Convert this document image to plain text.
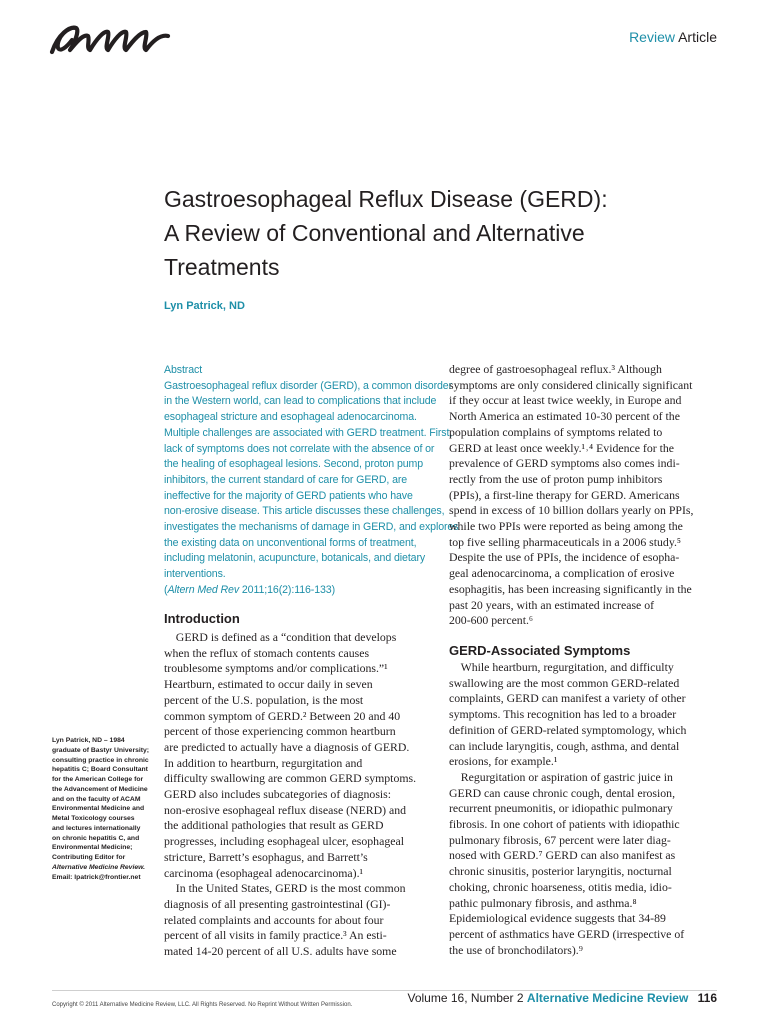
Review Article
Gastroesophageal Reflux Disease (GERD):
A Review of Conventional and Alternative
Treatments
Lyn Patrick, ND
Abstract
Gastroesophageal reflux disorder (GERD), a common disorder
in the Western world, can lead to complications that include
esophageal stricture and esophageal adenocarcinoma.
Multiple challenges are associated with GERD treatment. First,
lack of symptoms does not correlate with the absence of or
the healing of esophageal lesions. Second, proton pump
inhibitors, the current standard of care for GERD, are
ineffective for the majority of GERD patients who have
non-erosive disease. This article discusses these challenges,
investigates the mechanisms of damage in GERD, and explores
the existing data on unconventional forms of treatment,
including melatonin, acupuncture, botanicals, and dietary
interventions.
(Altern Med Rev 2011;16(2):116-133)
Introduction
GERD is defined as a “condition that develops
when the reflux of stomach contents causes
troublesome symptoms and/or complications.”¹
Heartburn, estimated to occur daily in seven
percent of the U.S. population, is the most
common symptom of GERD.² Between 20 and 40
percent of those experiencing common heartburn
are predicted to actually have a diagnosis of GERD.
In addition to heartburn, regurgitation and
difficulty swallowing are common GERD symptoms.
GERD also includes subcategories of diagnosis:
non-erosive esophageal reflux disease (NERD) and
the additional pathologies that result as GERD
progresses, including esophageal ulcer, esophageal
stricture, Barrett’s esophagus, and Barrett’s
carcinoma (esophageal adenocarcinoma).¹
In the United States, GERD is the most common
diagnosis of all presenting gastrointestinal (GI)-
related complaints and accounts for about four
percent of all visits in family practice.³ An esti-
mated 14-20 percent of all U.S. adults have some
degree of gastroesophageal reflux.³ Although
symptoms are only considered clinically significant
if they occur at least twice weekly, in Europe and
North America an estimated 10-30 percent of the
population complains of symptoms related to
GERD at least once weekly.¹˒⁴ Evidence for the
prevalence of GERD symptoms also comes indi-
rectly from the use of proton pump inhibitors
(PPIs), a first-line therapy for GERD. Americans
spend in excess of 10 billion dollars yearly on PPIs,
while two PPIs were reported as being among the
top five selling pharmaceuticals in a 2006 study.⁵
Despite the use of PPIs, the incidence of esopha-
geal adenocarcinoma, a complication of erosive
esophagitis, has been increasing significantly in the
past 20 years, with an estimated increase of
200-600 percent.⁶
GERD-Associated Symptoms
While heartburn, regurgitation, and difficulty
swallowing are the most common GERD-related
complaints, GERD can manifest a variety of other
symptoms. This recognition has led to a broader
definition of GERD-related symptomology, which
can include laryngitis, cough, asthma, and dental
erosions, for example.¹
Regurgitation or aspiration of gastric juice in
GERD can cause chronic cough, dental erosion,
recurrent pneumonitis, or idiopathic pulmonary
fibrosis. In one cohort of patients with idiopathic
pulmonary fibrosis, 67 percent were later diag-
nosed with GERD.⁷ GERD can also manifest as
chronic sinusitis, posterior laryngitis, nocturnal
choking, chronic hoarseness, otitis media, idio-
pathic pulmonary fibrosis, and asthma.⁸
Epidemiological evidence suggests that 34-89
percent of asthmatics have GERD (irrespective of
the use of bronchodilators).⁹
Lyn Patrick, ND – 1984
graduate of Bastyr University;
consulting practice in chronic
hepatitis C; Board Consultant
for the American College for
the Advancement of Medicine
and on the faculty of ACAM
Environmental Medicine and
Metal Toxicology courses
and lectures internationally
on chronic hepatitis C, and
Environmental Medicine;
Contributing Editor for
Alternative Medicine Review.
Email: lpatrick@frontier.net
Copyright © 2011 Alternative Medicine Review, LLC. All Rights Reserved. No Reprint Without Written Permission.	Volume 16, Number 2 Alternative Medicine Review 116
